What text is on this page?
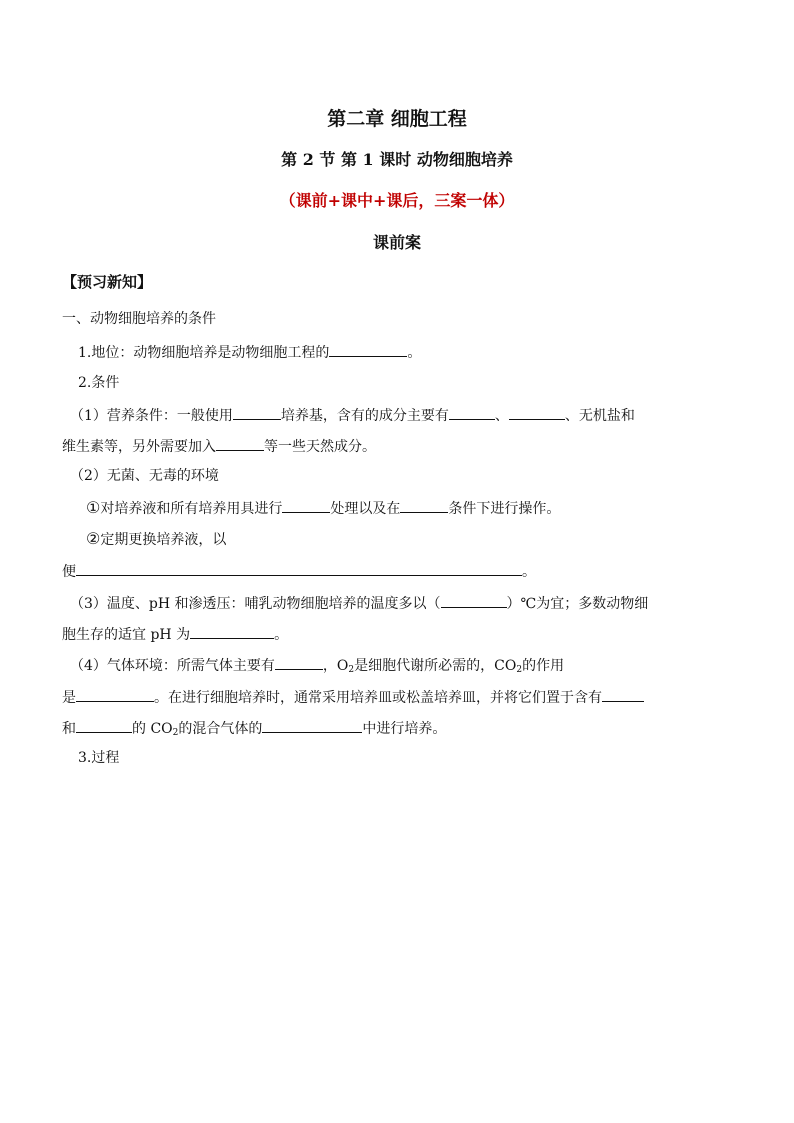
第二章 细胞工程
第 2 节 第 1 课时 动物细胞培养
（课前+课中+课后，三案一体）
课前案
【预习新知】
一、动物细胞培养的条件
1.地位：动物细胞培养是动物细胞工程的	。
2.条件
（1）营养条件：一般使用	培养基，含有的成分主要有	、	、无机盐和
维生素等，另外需要加入	等一些天然成分。
（2）无菌、无毒的环境
①对培养液和所有培养用具进行	处理以及在	条件下进行操作。
②定期更换培养液，以
便	。
（3）温度、pH 和渗透压：哺乳动物细胞培养的温度多以（	）℃为宜；多数动物细
胞生存的适宜 pH 为	。
（4）气体环境：所需气体主要有	，$O_2$是细胞代谢所必需的，$CO_2$的作用
是	。在进行细胞培养时，通常采用培养皿或松盖培养皿，并将它们置于含有
和	的 $CO_2$的混合气体的	中进行培养。
3.过程
